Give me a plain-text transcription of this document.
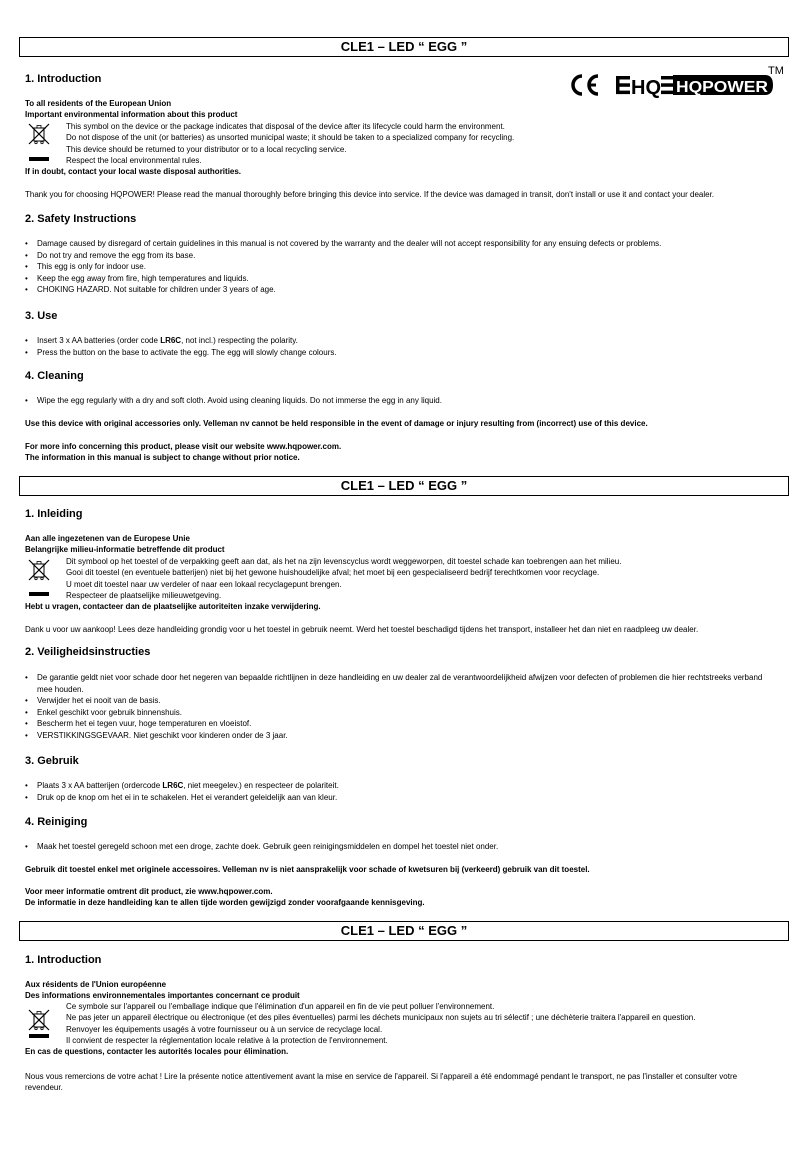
HQ HQPOWER
TM
CLE1 – LED “ EGG ”
1. Introduction
To all residents of the European Union
Important environmental information about this product
This symbol on the device or the package indicates that disposal of the device after its lifecycle could harm the environment.
Do not dispose of the unit (or batteries) as unsorted municipal waste; it should be taken to a specialized company for recycling.
This device should be returned to your distributor or to a local recycling service.
Respect the local environmental rules.
If in doubt, contact your local waste disposal authorities.
Thank you for choosing HQPOWER! Please read the manual thoroughly before bringing this device into service. If the device was damaged in transit, don't install or use it and contact your dealer.
2. Safety Instructions
• Damage caused by disregard of certain guidelines in this manual is not covered by the warranty and the dealer will not accept responsibility for any ensuing defects or problems.
• Do not try and remove the egg from its base.
• This egg is only for indoor use.
• Keep the egg away from fire, high temperatures and liquids.
• CHOKING HAZARD. Not suitable for children under 3 years of age.
3. Use
• Insert 3 x AA batteries (order code LR6C, not incl.) respecting the polarity.
• Press the button on the base to activate the egg. The egg will slowly change colours.
4. Cleaning
• Wipe the egg regularly with a dry and soft cloth. Avoid using cleaning liquids. Do not immerse the egg in any liquid.
Use this device with original accessories only. Velleman nv cannot be held responsible in the event of damage or injury resulting from (incorrect) use of this device.
For more info concerning this product, please visit our website www.hqpower.com.
The information in this manual is subject to change without prior notice.
CLE1 – LED “ EGG ”
1. Inleiding
Aan alle ingezetenen van de Europese Unie
Belangrijke milieu-informatie betreffende dit product
Dit symbool op het toestel of de verpakking geeft aan dat, als het na zijn levenscyclus wordt weggeworpen, dit toestel schade kan toebrengen aan het milieu.
Gooi dit toestel (en eventuele batterijen) niet bij het gewone huishoudelijke afval; het moet bij een gespecialiseerd bedrijf terechtkomen voor recyclage.
U moet dit toestel naar uw verdeler of naar een lokaal recyclagepunt brengen.
Respecteer de plaatselijke milieuwetgeving.
Hebt u vragen, contacteer dan de plaatselijke autoriteiten inzake verwijdering.
Dank u voor uw aankoop! Lees deze handleiding grondig voor u het toestel in gebruik neemt. Werd het toestel beschadigd tijdens het transport, installeer het dan niet en raadpleeg uw dealer.
2. Veiligheidsinstructies
• De garantie geldt niet voor schade door het negeren van bepaalde richtlijnen in deze handleiding en uw dealer zal de verantwoordelijkheid afwijzen voor defecten of problemen die hier rechtstreeks verband mee houden.
• Verwijder het ei nooit van de basis.
• Enkel geschikt voor gebruik binnenshuis.
• Bescherm het ei tegen vuur, hoge temperaturen en vloeistof.
• VERSTIKKINGSGEVAAR. Niet geschikt voor kinderen onder de 3 jaar.
3. Gebruik
• Plaats 3 x AA batterijen (ordercode LR6C, niet meegelev.) en respecteer de polariteit.
• Druk op de knop om het ei in te schakelen. Het ei verandert geleidelijk aan van kleur.
4. Reiniging
• Maak het toestel geregeld schoon met een droge, zachte doek. Gebruik geen reinigingsmiddelen en dompel het toestel niet onder.
Gebruik dit toestel enkel met originele accessoires. Velleman nv is niet aansprakelijk voor schade of kwetsuren bij (verkeerd) gebruik van dit toestel.
Voor meer informatie omtrent dit product, zie www.hqpower.com.
De informatie in deze handleiding kan te allen tijde worden gewijzigd zonder voorafgaande kennisgeving.
CLE1 – LED “ EGG ”
1. Introduction
Aux résidents de l'Union européenne
Des informations environnementales importantes concernant ce produit
Ce symbole sur l'appareil ou l'emballage indique que l'élimination d'un appareil en fin de vie peut polluer l'environnement.
Ne pas jeter un appareil électrique ou électronique (et des piles éventuelles) parmi les déchets municipaux non sujets au tri sélectif ; une déchèterie traitera l'appareil en question.
Renvoyer les équipements usagés à votre fournisseur ou à un service de recyclage local.
Il convient de respecter la réglementation locale relative à la protection de l'environnement.
En cas de questions, contacter les autorités locales pour élimination.
Nous vous remercions de votre achat ! Lire la présente notice attentivement avant la mise en service de l'appareil. Si l'appareil a été endommagé pendant le transport, ne pas l'installer et consulter votre
revendeur.
